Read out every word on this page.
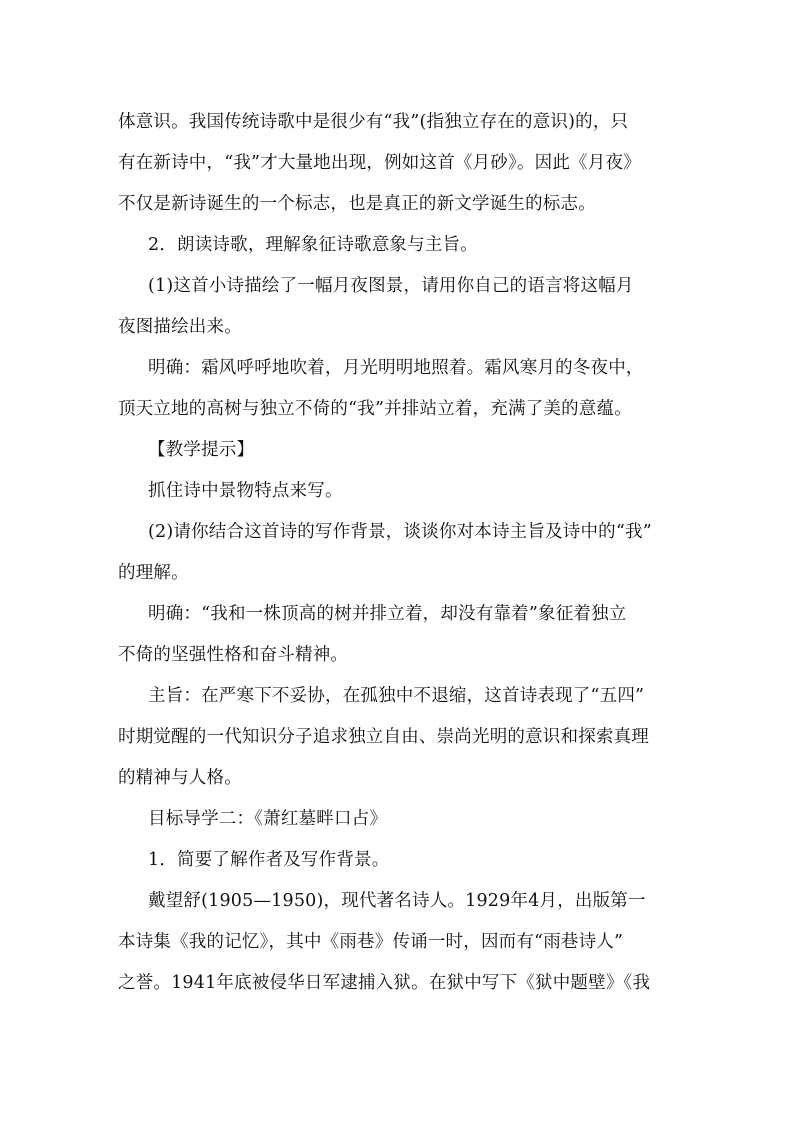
体意识。我国传统诗歌中是很少有“我”(指独立存在的意识)的，只

有在新诗中，“我”才大量地出现，例如这首《月砂》。因此《月夜》

不仅是新诗诞生的一个标志，也是真正的新文学诞生的标志。

2．朗读诗歌，理解象征诗歌意象与主旨。

(1)这首小诗描绘了一幅月夜图景，请用你自己的语言将这幅月

夜图描绘出来。

明确：霜风呼呼地吹着，月光明明地照着。霜风寒月的冬夜中，

顶天立地的高树与独立不倚的“我”并排站立着，充满了美的意蕴。

【教学提示】

抓住诗中景物特点来写。

(2)请你结合这首诗的写作背景，谈谈你对本诗主旨及诗中的“我”

的理解。

明确：“我和一株顶高的树并排立着，却没有靠着”象征着独立

不倚的坚强性格和奋斗精神。

主旨：在严寒下不妥协，在孤独中不退缩，这首诗表现了“五四”

时期觉醒的一代知识分子追求独立自由、崇尚光明的意识和探索真理

的精神与人格。

目标导学二：《萧红墓畔口占》

1．简要了解作者及写作背景。

戴望舒(1905—1950)，现代著名诗人。1929年4月，出版第一

本诗集《我的记忆》，其中《雨巷》传诵一时，因而有“雨巷诗人”

之誉。1941年底被侵华日军逮捕入狱。在狱中写下《狱中题壁》《我
